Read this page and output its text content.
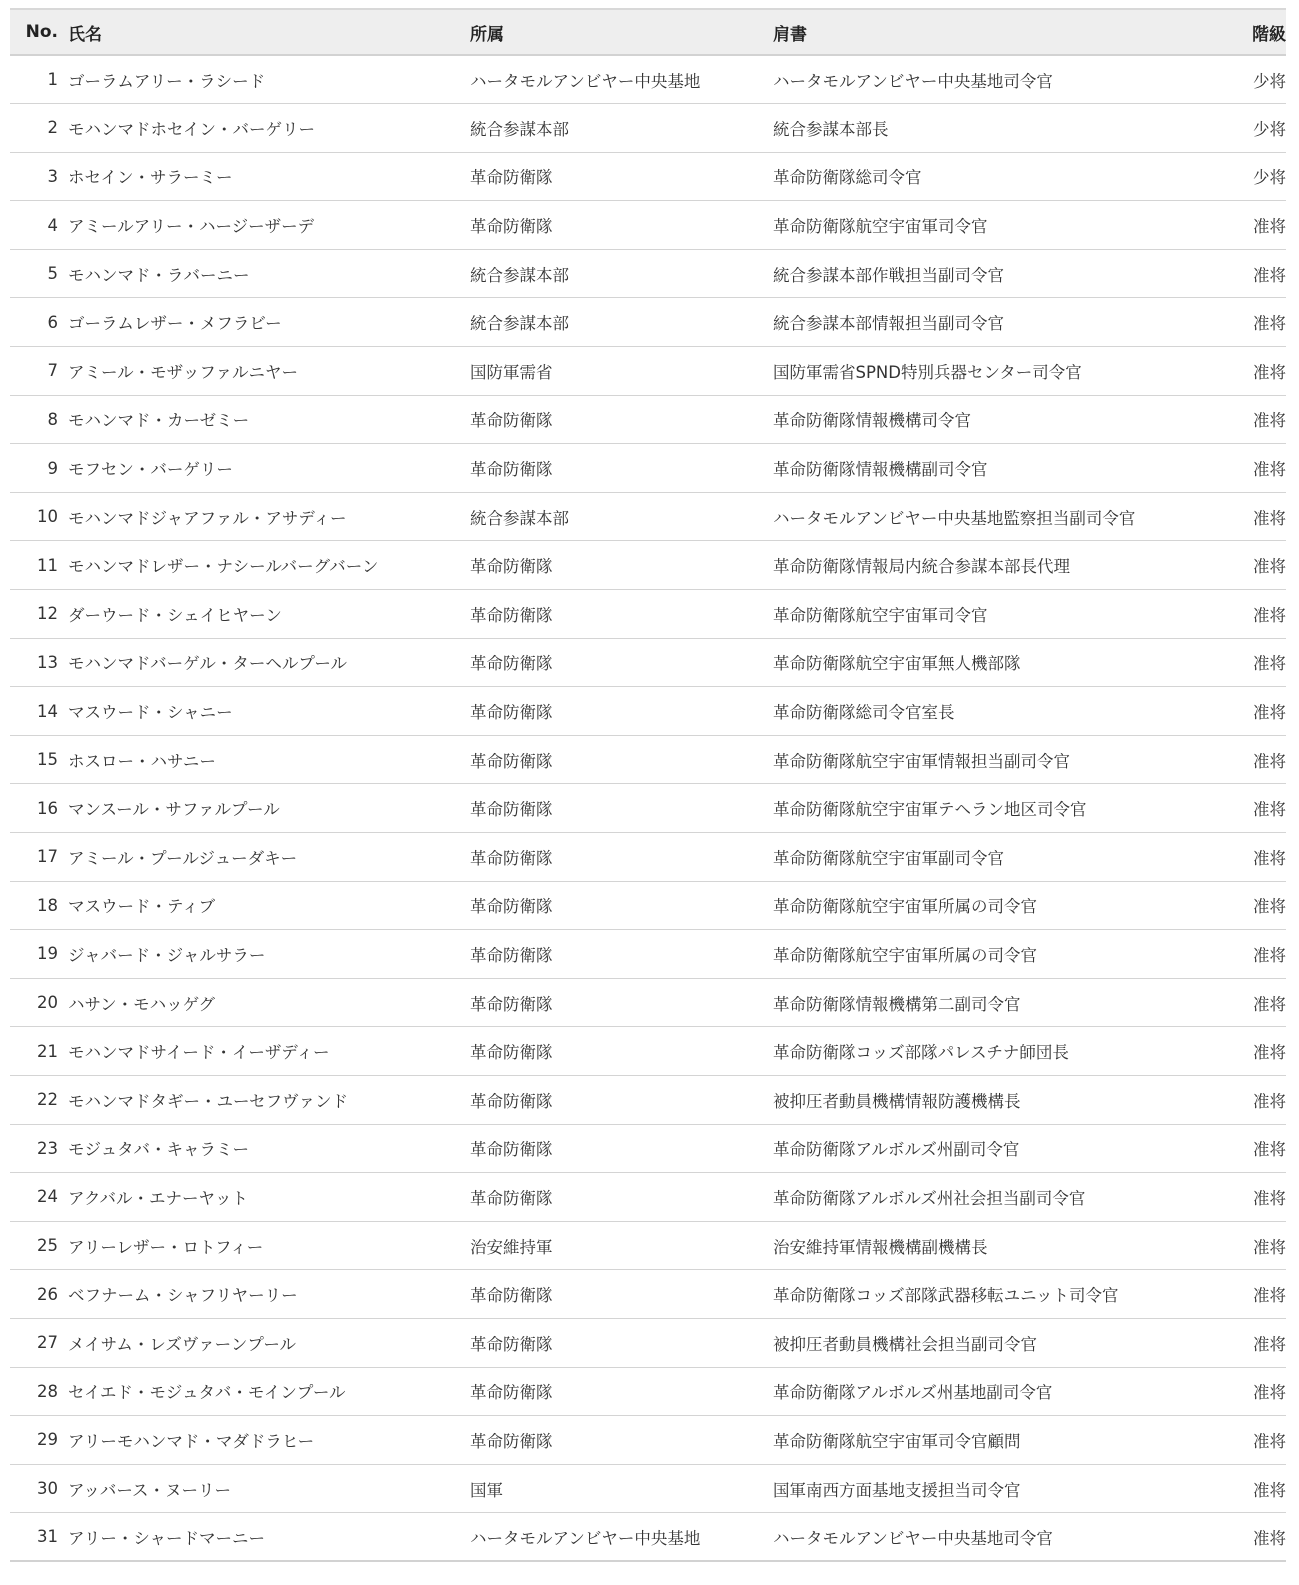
No.	氏名	所属	肩書	階級
1	ゴーラムアリー・ラシード	ハータモルアンビヤー中央基地	ハータモルアンビヤー中央基地司令官	少将
2	モハンマドホセイン・バーゲリー	統合参謀本部	統合参謀本部長	少将
3	ホセイン・サラーミー	革命防衛隊	革命防衛隊総司令官	少将
4	アミールアリー・ハージーザーデ	革命防衛隊	革命防衛隊航空宇宙軍司令官	准将
5	モハンマド・ラバーニー	統合参謀本部	統合参謀本部作戦担当副司令官	准将
6	ゴーラムレザー・メフラビー	統合参謀本部	統合参謀本部情報担当副司令官	准将
7	アミール・モザッファルニヤー	国防軍需省	国防軍需省SPND特別兵器センター司令官	准将
8	モハンマド・カーゼミー	革命防衛隊	革命防衛隊情報機構司令官	准将
9	モフセン・バーゲリー	革命防衛隊	革命防衛隊情報機構副司令官	准将
10	モハンマドジャアファル・アサディー	統合参謀本部	ハータモルアンビヤー中央基地監察担当副司令官	准将
11	モハンマドレザー・ナシールバーグバーン	革命防衛隊	革命防衛隊情報局内統合参謀本部長代理	准将
12	ダーウード・シェイヒヤーン	革命防衛隊	革命防衛隊航空宇宙軍司令官	准将
13	モハンマドバーゲル・ターヘルプール	革命防衛隊	革命防衛隊航空宇宙軍無人機部隊	准将
14	マスウード・シャニー	革命防衛隊	革命防衛隊総司令官室長	准将
15	ホスロー・ハサニー	革命防衛隊	革命防衛隊航空宇宙軍情報担当副司令官	准将
16	マンスール・サファルプール	革命防衛隊	革命防衛隊航空宇宙軍テヘラン地区司令官	准将
17	アミール・プールジューダキー	革命防衛隊	革命防衛隊航空宇宙軍副司令官	准将
18	マスウード・ティブ	革命防衛隊	革命防衛隊航空宇宙軍所属の司令官	准将
19	ジャバード・ジャルサラー	革命防衛隊	革命防衛隊航空宇宙軍所属の司令官	准将
20	ハサン・モハッゲグ	革命防衛隊	革命防衛隊情報機構第二副司令官	准将
21	モハンマドサイード・イーザディー	革命防衛隊	革命防衛隊コッズ部隊パレスチナ師団長	准将
22	モハンマドタギー・ユーセフヴァンド	革命防衛隊	被抑圧者動員機構情報防護機構長	准将
23	モジュタバ・キャラミー	革命防衛隊	革命防衛隊アルボルズ州副司令官	准将
24	アクバル・エナーヤット	革命防衛隊	革命防衛隊アルボルズ州社会担当副司令官	准将
25	アリーレザー・ロトフィー	治安維持軍	治安維持軍情報機構副機構長	准将
26	ベフナーム・シャフリヤーリー	革命防衛隊	革命防衛隊コッズ部隊武器移転ユニット司令官	准将
27	メイサム・レズヴァーンプール	革命防衛隊	被抑圧者動員機構社会担当副司令官	准将
28	セイエド・モジュタバ・モインプール	革命防衛隊	革命防衛隊アルボルズ州基地副司令官	准将
29	アリーモハンマド・マダドラヒー	革命防衛隊	革命防衛隊航空宇宙軍司令官顧問	准将
30	アッバース・ヌーリー	国軍	国軍南西方面基地支援担当司令官	准将
31	アリー・シャードマーニー	ハータモルアンビヤー中央基地	ハータモルアンビヤー中央基地司令官	准将
